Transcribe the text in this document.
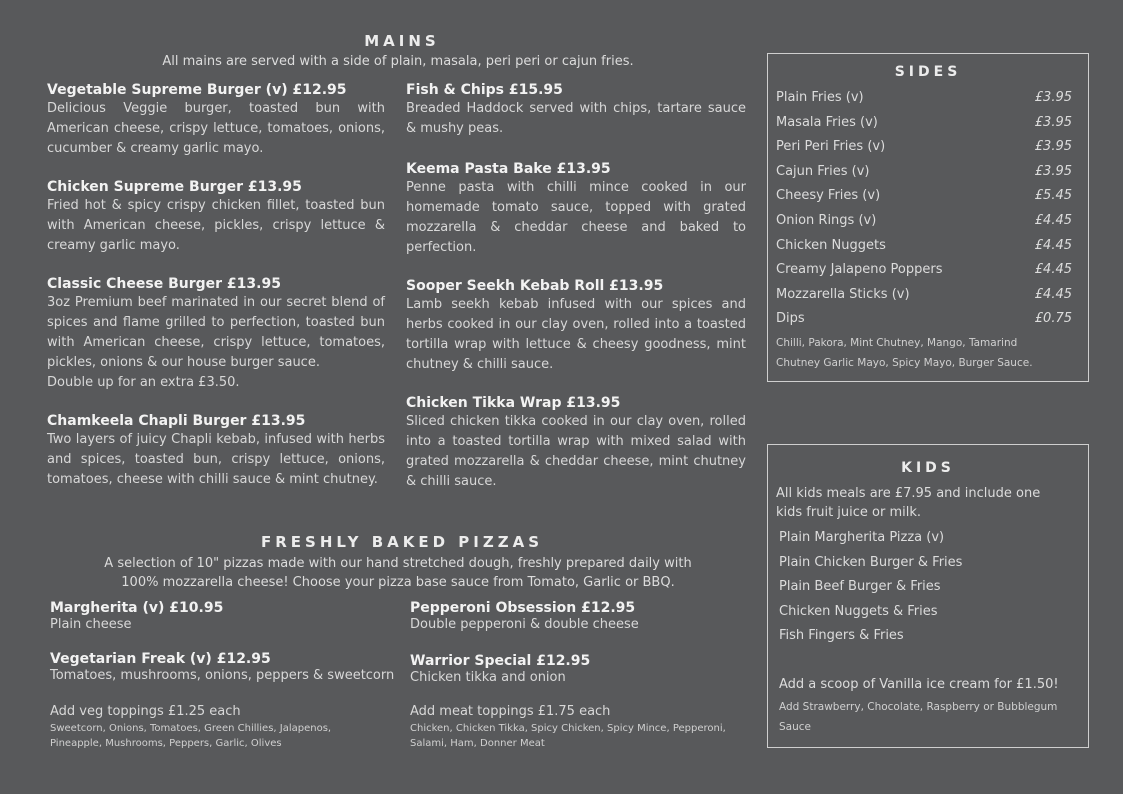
MAINS
All mains are served with a side of plain, masala, peri peri or cajun fries.
Vegetable Supreme Burger (v) £12.95

Delicious Veggie burger, toasted bun with American cheese, crispy lettuce, tomatoes, onions, cucumber & creamy garlic mayo.

Chicken Supreme Burger £13.95

Fried hot & spicy crispy chicken fillet, toasted bun with American cheese, pickles, crispy lettuce & creamy garlic mayo.

Classic Cheese Burger £13.95

3oz Premium beef marinated in our secret blend of spices and flame grilled to perfection, toasted bun with American cheese, crispy lettuce, tomatoes, pickles, onions & our house burger sauce.

Double up for an extra £3.50.

Chamkeela Chapli Burger £13.95

Two layers of juicy Chapli kebab, infused with herbs and spices, toasted bun, crispy lettuce, onions, tomatoes, cheese with chilli sauce & mint chutney.

Fish & Chips £15.95

Breaded Haddock served with chips, tartare sauce & mushy peas.

Keema Pasta Bake £13.95

Penne pasta with chilli mince cooked in our homemade tomato sauce, topped with grated mozzarella & cheddar cheese and baked to perfection.

Sooper Seekh Kebab Roll £13.95

Lamb seekh kebab infused with our spices and herbs cooked in our clay oven, rolled into a toasted tortilla wrap with lettuce & cheesy goodness, mint chutney & chilli sauce.

Chicken Tikka Wrap £13.95

Sliced chicken tikka cooked in our clay oven, rolled into a toasted tortilla wrap with mixed salad with grated mozzarella & cheddar cheese, mint chutney & chilli sauce.

FRESHLY BAKED PIZZAS
A selection of 10" pizzas made with our hand stretched dough, freshly prepared daily with
100% mozzarella cheese! Choose your pizza base sauce from Tomato, Garlic or BBQ.
Margherita (v) £10.95
Plain cheese
Vegetarian Freak (v) £12.95
Tomatoes, mushrooms, onions, peppers & sweetcorn
Add veg toppings £1.25 each
Sweetcorn, Onions, Tomatoes, Green Chillies, Jalapenos, Pineapple, Mushrooms, Peppers, Garlic, Olives
Pepperoni Obsession £12.95
Double pepperoni & double cheese
Warrior Special £12.95
Chicken tikka and onion
Add meat toppings £1.75 each
Chicken, Chicken Tikka, Spicy Chicken, Spicy Mince, Pepperoni, Salami, Ham, Donner Meat
SIDES
Plain Fries (v)	£3.95
Masala Fries (v)	£3.95
Peri Peri Fries (v)	£3.95
Cajun Fries (v)	£3.95
Cheesy Fries (v)	£5.45
Onion Rings (v)	£4.45
Chicken Nuggets	£4.45
Creamy Jalapeno Poppers	£4.45
Mozzarella Sticks (v)	£4.45
Dips	£0.75
Chilli, Pakora, Mint Chutney, Mango, Tamarind
Chutney Garlic Mayo, Spicy Mayo, Burger Sauce.
KIDS
All kids meals are £7.95 and include one kids fruit juice or milk.
Plain Margherita Pizza (v)
Plain Chicken Burger & Fries
Plain Beef Burger & Fries
Chicken Nuggets & Fries
Fish Fingers & Fries
Add a scoop of Vanilla ice cream for £1.50!
Add Strawberry, Chocolate, Raspberry or Bubblegum Sauce
